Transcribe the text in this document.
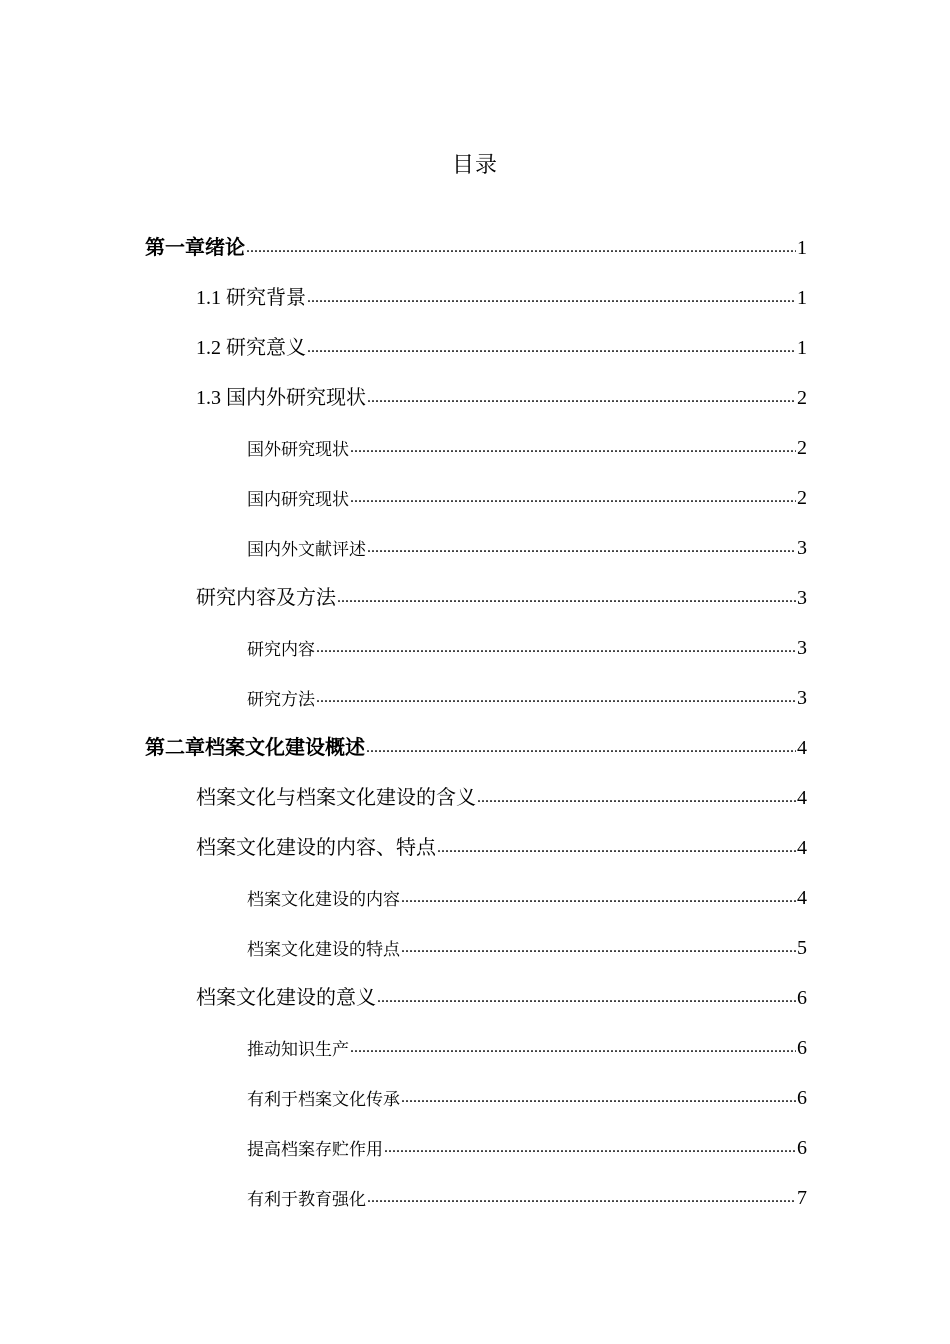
目录
第一章绪论 .....	1
1.1 研究背景 .....	1
1.2 研究意义 .....	1
1.3 国内外研究现状 .....	2
国外研究现状 .....	2
国内研究现状 .....	2
国内外文献评述 .....	3
研究内容及方法 .....	3
研究内容 .....	3
研究方法 .....	3
第二章档案文化建设概述 .....	4
档案文化与档案文化建设的含义 .....	4
档案文化建设的内容、特点 .....	4
档案文化建设的内容 .....	4
档案文化建设的特点 .....	5
档案文化建设的意义 .....	6
推动知识生产 .....	6
有利于档案文化传承 .....	6
提高档案存贮作用 .....	6
有利于教育强化 .....	7
